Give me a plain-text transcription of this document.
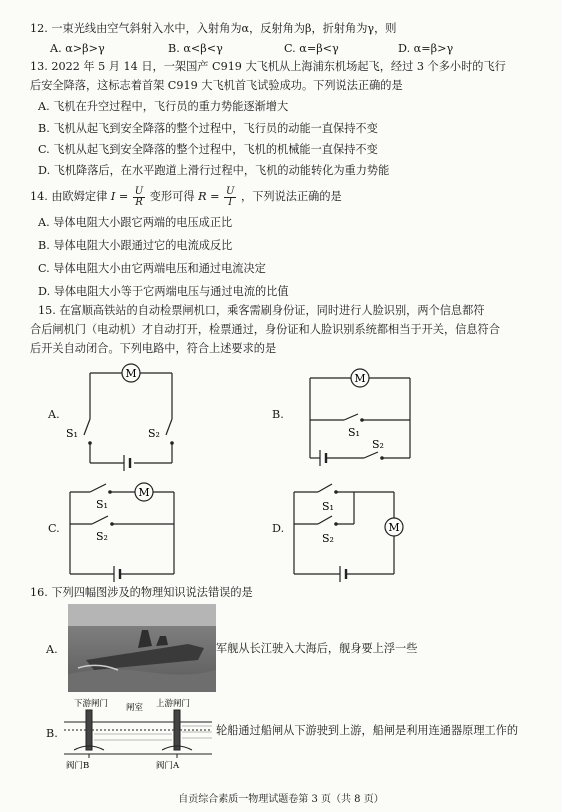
12. 一束光线由空气斜射入水中，入射角为α，反射角为β，折射角为γ，则
A. α>β>γ	B. α<β<γ	C. α=β<γ	D. α=β>γ
13. 2022 年 5 月 14 日，一架国产 C919 大飞机从上海浦东机场起飞，经过 3 个多小时的飞行
后安全降落，这标志着首架 C919 大飞机首飞试验成功。下列说法正确的是
A. 飞机在升空过程中，飞行员的重力势能逐渐增大
B. 飞机从起飞到安全降落的整个过程中，飞行员的动能一直保持不变
C. 飞机从起飞到安全降落的整个过程中，飞机的机械能一直保持不变
D. 飞机降落后，在水平跑道上滑行过程中，飞机的动能转化为重力势能
14. 由欧姆定律 $I = \frac{U}{R}$ 变形可得 $R = \frac{U}{I}$ ，下列说法正确的是
A. 导体电阻大小跟它两端的电压成正比
B. 导体电阻大小跟通过它的电流成反比
C. 导体电阻大小由它两端电压和通过电流决定
D. 导体电阻大小等于它两端电压与通过电流的比值
15. 在富顺高铁站的自动检票闸机口，乘客需刷身份证，同时进行人脸识别，两个信息都符
合后闸机门（电动机）才自动打开，检票通过，身份证和人脸识别系统都相当于开关，信息符合
后开关自动闭合。下列电路中，符合上述要求的是
A.
M
S₁	S₂
B.
M
S₁
S₂
C.
M
S₁
S₂
D.	M
S₁
S₂
16. 下列四幅图涉及的物理知识说法错误的是
A.	军舰从长江驶入大海后，舰身要上浮一些
B.
下游闸门 闸室 上游闸门
阀门B	阀门A
轮船通过船闸从下游驶到上游，船闸是利用连通器原理工作的
自贡综合素质一物理试题卷第 3 页（共 8 页）
